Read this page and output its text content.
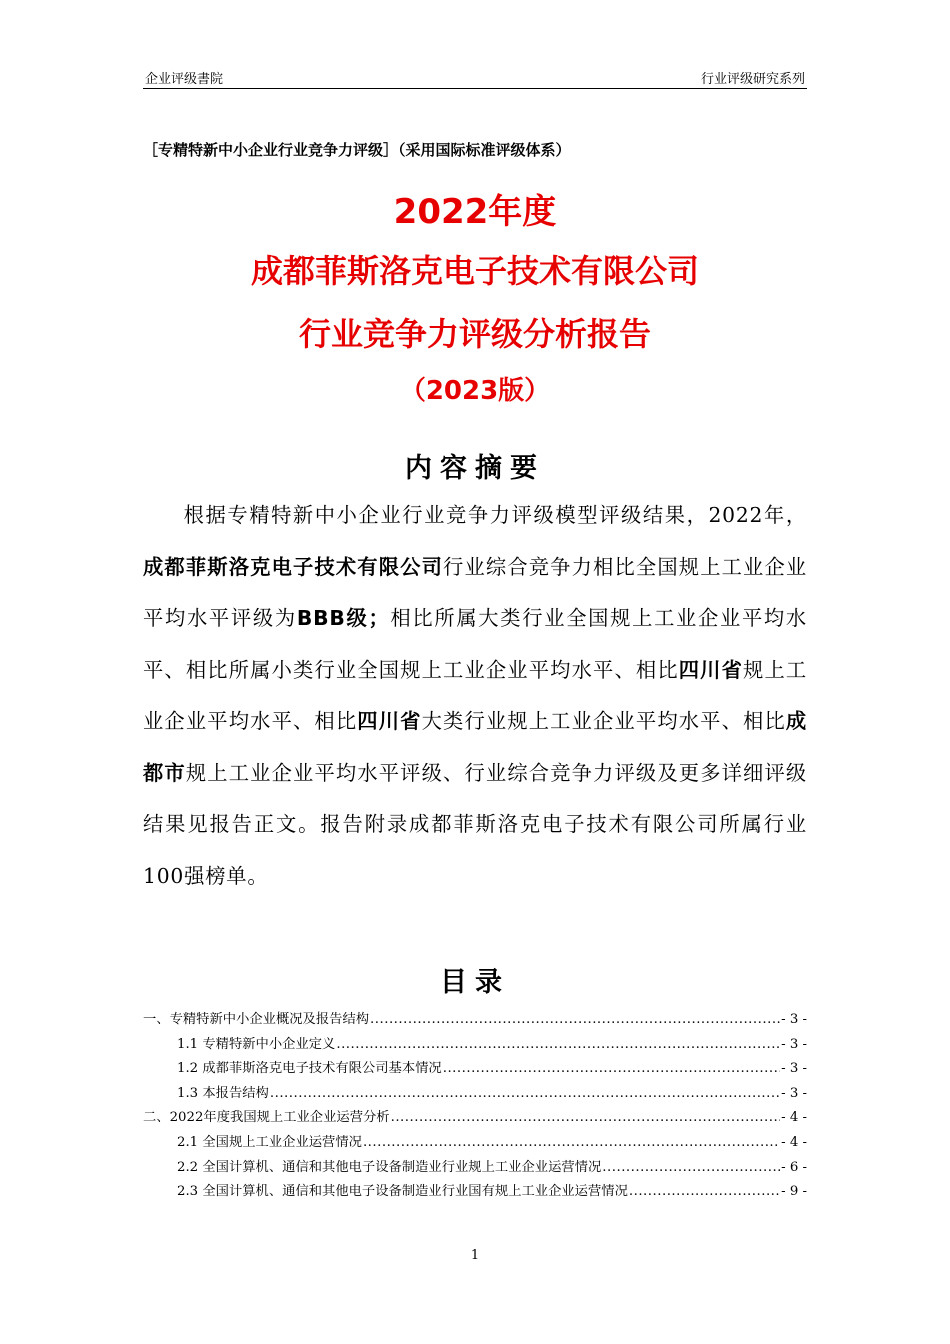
企业评级書院	行业评级研究系列
［专精特新中小企业行业竞争力评级］（采用国际标准评级体系）
2022年度
成都菲斯洛克电子技术有限公司
行业竞争力评级分析报告
（2023版）
内容摘要
根据专精特新中小企业行业竞争力评级模型评级结果，2022年，成都菲斯洛克电子技术有限公司行业综合竞争力相比全国规上工业企业平均水平评级为BBB级；相比所属大类行业全国规上工业企业平均水平、相比所属小类行业全国规上工业企业平均水平、相比四川省规上工业企业平均水平、相比四川省大类行业规上工业企业平均水平、相比成都市规上工业企业平均水平评级、行业综合竞争力评级及更多详细评级结果见报告正文。报告附录成都菲斯洛克电子技术有限公司所属行业100强榜单。
目录
一、专精特新中小企业概况及报告结构 .....	- 3 -
1.1 专精特新中小企业定义 .....	- 3 -
1.2 成都菲斯洛克电子技术有限公司基本情况 .....	- 3 -
1.3 本报告结构 .....	- 3 -
二、2022年度我国规上工业企业运营分析 .....	- 4 -
2.1 全国规上工业企业运营情况 .....	- 4 -
2.2 全国计算机、通信和其他电子设备制造业行业规上工业企业运营情况 .....	- 6 -
2.3 全国计算机、通信和其他电子设备制造业行业国有规上工业企业运营情况 .....	- 9 -
1
